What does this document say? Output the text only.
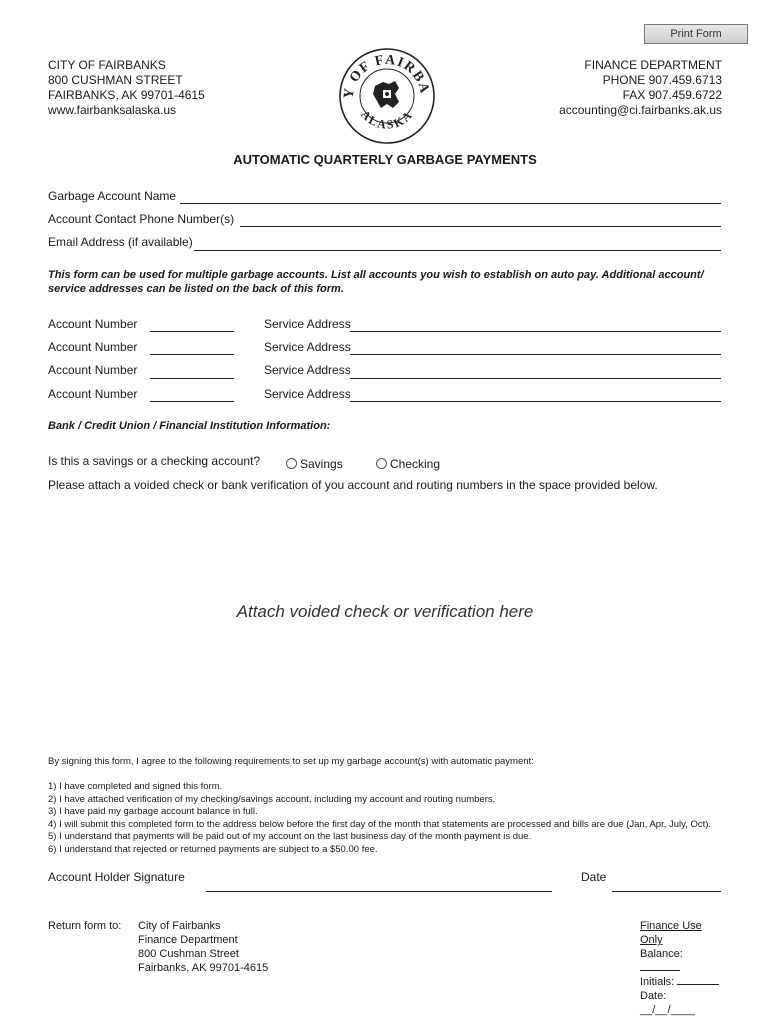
Print Form
CITY OF FAIRBANKS
800 CUSHMAN STREET
FAIRBANKS, AK 99701-4615
www.fairbanksalaska.us
Y OF FAIRBA
ALASKA
FINANCE DEPARTMENT
PHONE 907.459.6713
FAX 907.459.6722
accounting@ci.fairbanks.ak.us
AUTOMATIC QUARTERLY GARBAGE PAYMENTS
Garbage Account Name
Account Contact Phone Number(s)
Email Address (if available)
This form can be used for multiple garbage accounts. List all accounts you wish to establish on auto pay. Additional account/
service addresses can be listed on the back of this form.
Account Number	Service Address
Account Number	Service Address
Account Number	Service Address
Account Number	Service Address
Bank / Credit Union / Financial Institution Information:
Is this a savings or a checking account?	Savings	Checking
Please attach a voided check or bank verification of you account and routing numbers in the space provided below.
Attach voided check or verification here
By signing this form, I agree to the following requirements to set up my garbage account(s) with automatic payment:
1) I have completed and signed this form.
2) I have attached verification of my checking/savings account, including my account and routing numbers.
3) I have paid my garbage account balance in full.
4) I will submit this completed form to the address below before the first day of the month that statements are processed and bills are due (Jan, Apr, July, Oct).
5) I understand that payments will be paid out of my account on the last business day of the month payment is due.
6) I understand that rejected or returned payments are subject to a $50.00 fee.
Account Holder Signature	Date
Return form to: City of Fairbanks
Finance Department
800 Cushman Street
Fairbanks, AK 99701-4615
Finance Use Only
Balance:
Initials:
Date: __/__/____
